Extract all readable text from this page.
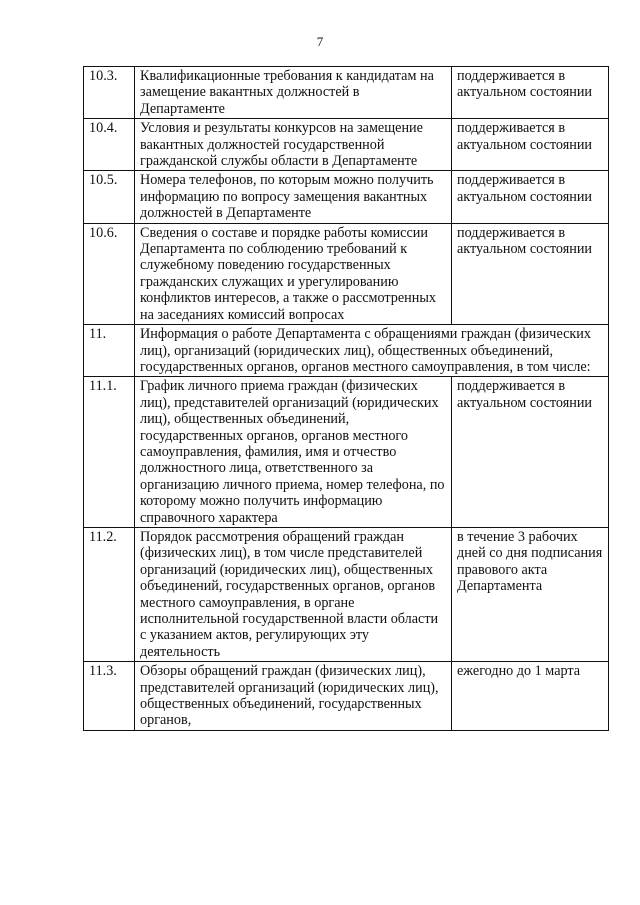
7
10.3.	Квалификационные требования к кандидатам на замещение вакантных должностей в Департаменте	поддерживается в актуальном состоянии
10.4.	Условия и результаты конкурсов на замещение вакантных должностей государственной гражданской службы области в Департаменте	поддерживается в актуальном состоянии
10.5.	Номера телефонов, по которым можно получить информацию по вопросу замещения вакантных должностей в Департаменте	поддерживается в актуальном состоянии
10.6.	Сведения о составе и порядке работы комиссии Департамента по соблюдению требований к служебному поведению государственных гражданских служащих и урегулированию конфликтов интересов, а также о рассмотренных на заседаниях комиссий вопросах	поддерживается в актуальном состоянии
11.	Информация о работе Департамента с обращениями граждан (физических лиц), организаций (юридических лиц), общественных объединений, государственных органов, органов местного самоуправления, в том числе:	
11.1.	График личного приема граждан (физических лиц), представителей организаций (юридических лиц), общественных объединений, государственных органов, органов местного самоуправления, фамилия, имя и отчество должностного лица, ответственного за организацию личного приема, номер телефона, по которому можно получить информацию справочного характера	поддерживается в актуальном состоянии
11.2.	Порядок рассмотрения обращений граждан (физических лиц), в том числе представителей организаций (юридических лиц), общественных объединений, государственных органов, органов местного самоуправления, в органе исполнительной государственной власти области с указанием актов, регулирующих эту деятельность	в течение 3 рабочих дней со дня подписания правового акта Департамента
11.3.	Обзоры обращений граждан (физических лиц), представителей организаций (юридических лиц), общественных объединений, государственных органов,	ежегодно до 1 марта
